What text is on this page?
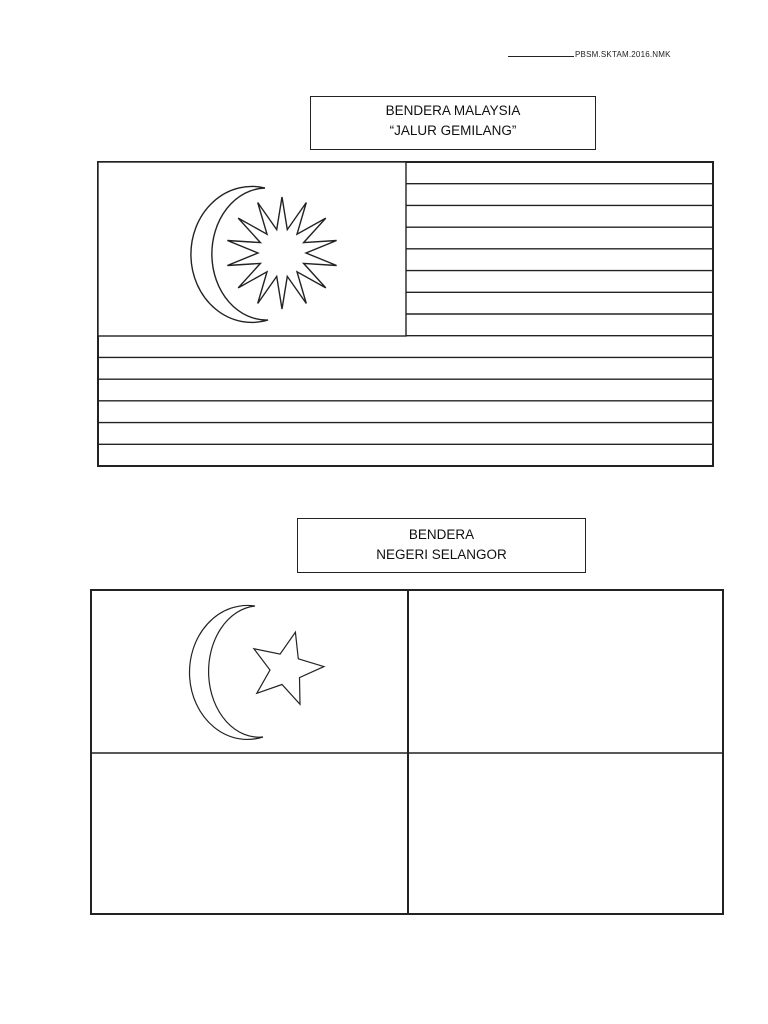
PBSM.SKTAM.2016.NMK
BENDERA MALAYSIA
“JALUR GEMILANG”
BENDERA
NEGERI SELANGOR
